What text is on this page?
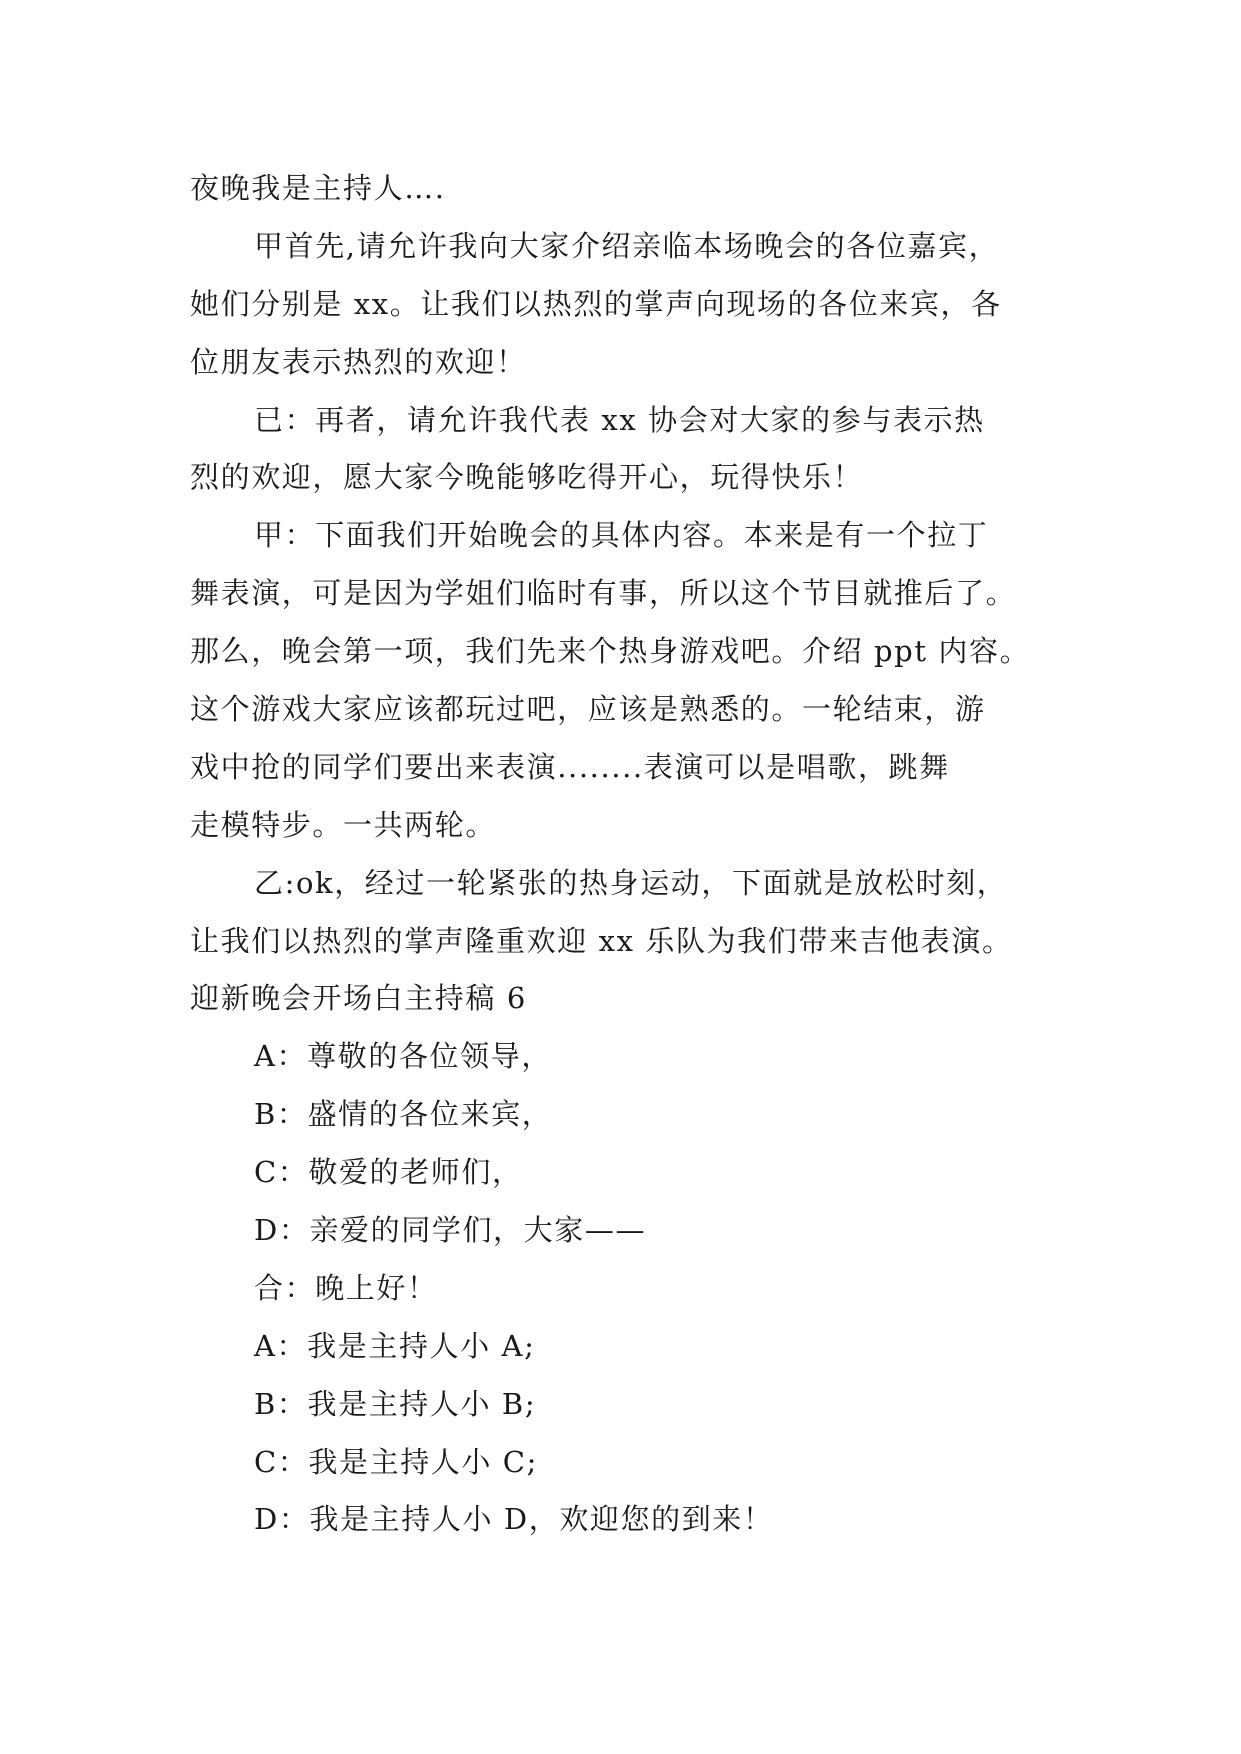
夜晚我是主持人….
甲首先,请允许我向大家介绍亲临本场晚会的各位嘉宾，
她们分别是 xx。让我们以热烈的掌声向现场的各位来宾，各
位朋友表示热烈的欢迎！
已：再者，请允许我代表 xx 协会对大家的参与表示热
烈的欢迎，愿大家今晚能够吃得开心，玩得快乐！
甲：下面我们开始晚会的具体内容。本来是有一个拉丁
舞表演，可是因为学姐们临时有事，所以这个节目就推后了。
那么，晚会第一项，我们先来个热身游戏吧。介绍 ppt 内容。
这个游戏大家应该都玩过吧，应该是熟悉的。一轮结束，游
戏中抢的同学们要出来表演........表演可以是唱歌，跳舞
走模特步。一共两轮。
乙:ok，经过一轮紧张的热身运动，下面就是放松时刻，
让我们以热烈的掌声隆重欢迎 xx 乐队为我们带来吉他表演。
迎新晚会开场白主持稿 6
A：尊敬的各位领导，
B：盛情的各位来宾，
C：敬爱的老师们，
D：亲爱的同学们，大家——
合：晚上好！
A：我是主持人小 A;
B：我是主持人小 B;
C：我是主持人小 C;
D：我是主持人小 D，欢迎您的到来！
